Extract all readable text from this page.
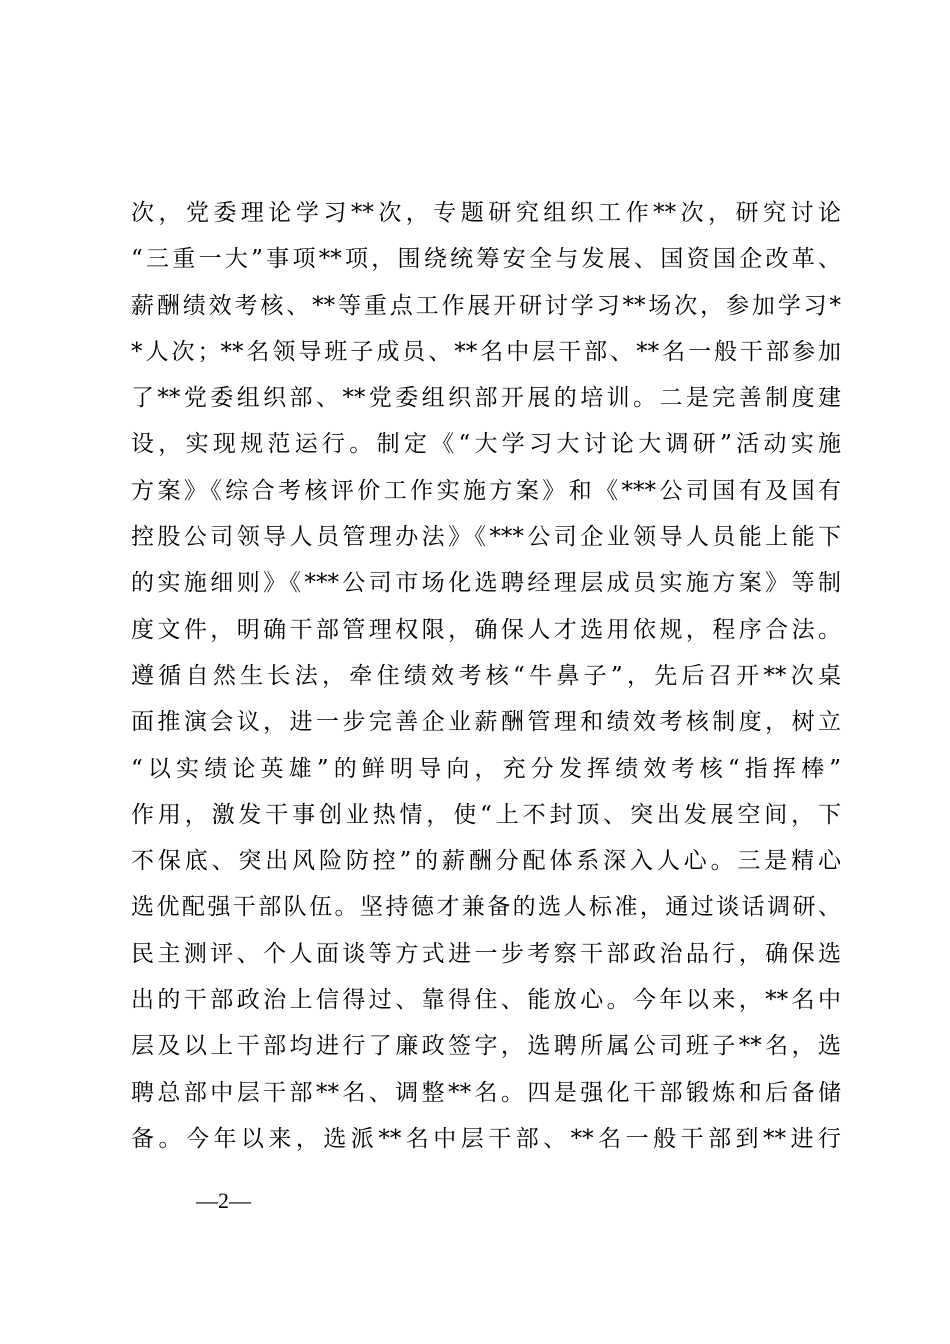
次，党委理论学习**次，专题研究组织工作**次，研究讨论
“三重一大”事项**项，围绕统筹安全与发展、国资国企改革、
薪酬绩效考核、**等重点工作展开研讨学习**场次，参加学习*
*人次；**名领导班子成员、**名中层干部、**名一般干部参加
了**党委组织部、**党委组织部开展的培训。二是完善制度建
设，实现规范运行。制定《“大学习大讨论大调研”活动实施
方案》《综合考核评价工作实施方案》和《***公司国有及国有
控股公司领导人员管理办法》《***公司企业领导人员能上能下
的实施细则》《***公司市场化选聘经理层成员实施方案》等制
度文件，明确干部管理权限，确保人才选用依规，程序合法。
遵循自然生长法，牵住绩效考核“牛鼻子”，先后召开**次桌
面推演会议，进一步完善企业薪酬管理和绩效考核制度，树立
“以实绩论英雄”的鲜明导向，充分发挥绩效考核“指挥棒”
作用，激发干事创业热情，使“上不封顶、突出发展空间，下
不保底、突出风险防控”的薪酬分配体系深入人心。三是精心
选优配强干部队伍。坚持德才兼备的选人标准，通过谈话调研、
民主测评、个人面谈等方式进一步考察干部政治品行，确保选
出的干部政治上信得过、靠得住、能放心。今年以来，**名中
层及以上干部均进行了廉政签字，选聘所属公司班子**名，选
聘总部中层干部**名、调整**名。四是强化干部锻炼和后备储
备。今年以来，选派**名中层干部、**名一般干部到**进行
—2—
